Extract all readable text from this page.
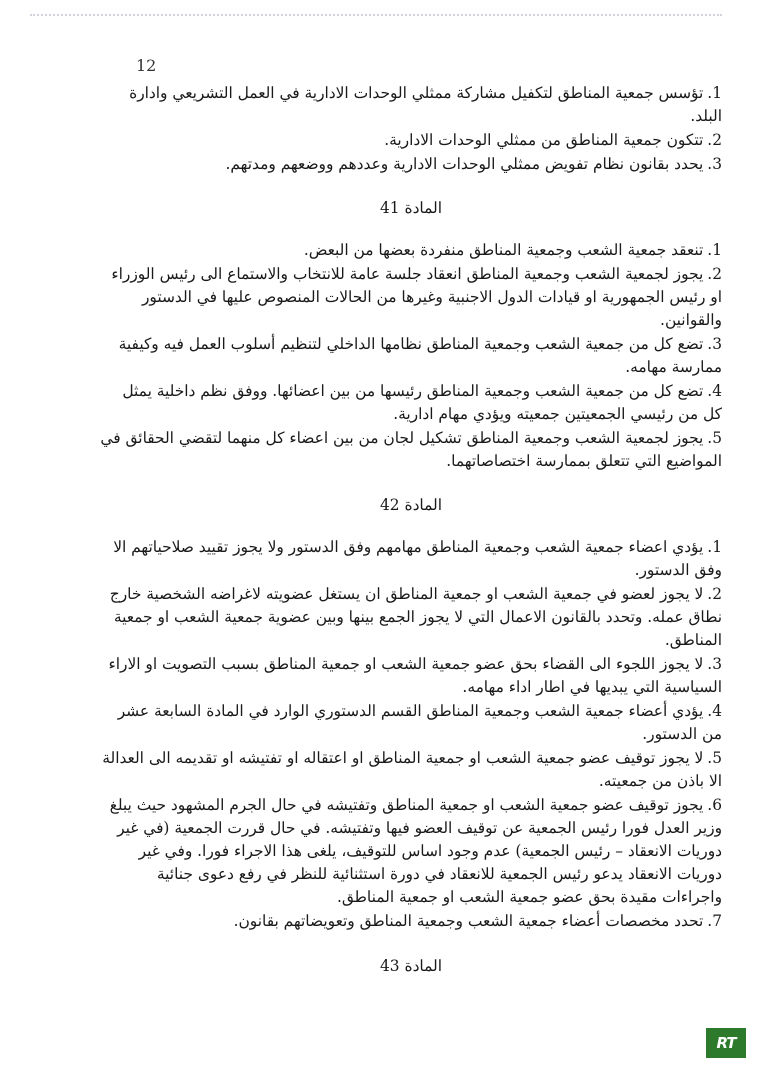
12

1.تؤسس جمعية المناطق لتكفيل مشاركة ممثلي الوحدات الادارية في العمل التشريعي وادارة البلد.

2.تتكون جمعية المناطق من ممثلي الوحدات الادارية.

3.يحدد بقانون نظام تفويض ممثلي الوحدات الادارية وعددهم ووضعهم ومدتهم.

المادة 41

1.تنعقد جمعية الشعب وجمعية المناطق منفردة بعضها من البعض.

2.يجوز لجمعية الشعب وجمعية المناطق انعقاد جلسة عامة للانتخاب والاستماع الى رئيس الوزراء او رئيس الجمهورية او قيادات الدول الاجنبية وغيرها من الحالات المنصوص عليها في الدستور والقوانين.

3.تضع كل من جمعية الشعب وجمعية المناطق نظامها الداخلي لتنظيم أسلوب العمل فيه وكيفية ممارسة مهامه.

4.تضع كل من جمعية الشعب وجمعية المناطق رئيسها من بين اعضائها. ووفق نظم داخلية يمثل كل من رئيسي الجمعيتين جمعيته ويؤدي مهام ادارية.

5.يجوز لجمعية الشعب وجمعية المناطق تشكيل لجان من بين اعضاء كل منهما لتقضي الحقائق في المواضيع التي تتعلق بممارسة اختصاصاتهما.

المادة 42

1.يؤدي اعضاء جمعية الشعب وجمعية المناطق مهامهم وفق الدستور ولا يجوز تقييد صلاحياتهم الا وفق الدستور.

2.لا يجوز لعضو في جمعية الشعب او جمعية المناطق ان يستغل عضويته لاغراضه الشخصية خارج نطاق عمله. وتحدد بالقانون الاعمال التي لا يجوز الجمع بينها وبين عضوية جمعية الشعب او جمعية المناطق.

3.لا يجوز اللجوء الى القضاء بحق عضو جمعية الشعب او جمعية المناطق بسبب التصويت او الاراء السياسية التي يبديها في اطار اداء مهامه.

4.يؤدي أعضاء جمعية الشعب وجمعية المناطق القسم الدستوري الوارد في المادة السابعة عشر من الدستور.

5.لا يجوز توقيف عضو جمعية الشعب او جمعية المناطق او اعتقاله او تفتيشه او تقديمه الى العدالة الا باذن من جمعيته.

6.يجوز توقيف عضو جمعية الشعب او جمعية المناطق وتفتيشه في حال الجرم المشهود حيث يبلغ وزير العدل فورا رئيس الجمعية عن توقيف العضو فيها وتفتيشه. في حال قررت الجمعية (في غير دوريات الانعقاد – رئيس الجمعية) عدم وجود اساس للتوقيف، يلغى هذا الاجراء فورا. وفي غير دوريات الانعقاد يدعو رئيس الجمعية للانعقاد في دورة استثنائية للنظر في رفع دعوى جنائية واجراءات مقيدة بحق عضو جمعية الشعب او جمعية المناطق.

7.تحدد مخصصات أعضاء جمعية الشعب وجمعية المناطق وتعويضاتهم بقانون.

المادة 43
RT
